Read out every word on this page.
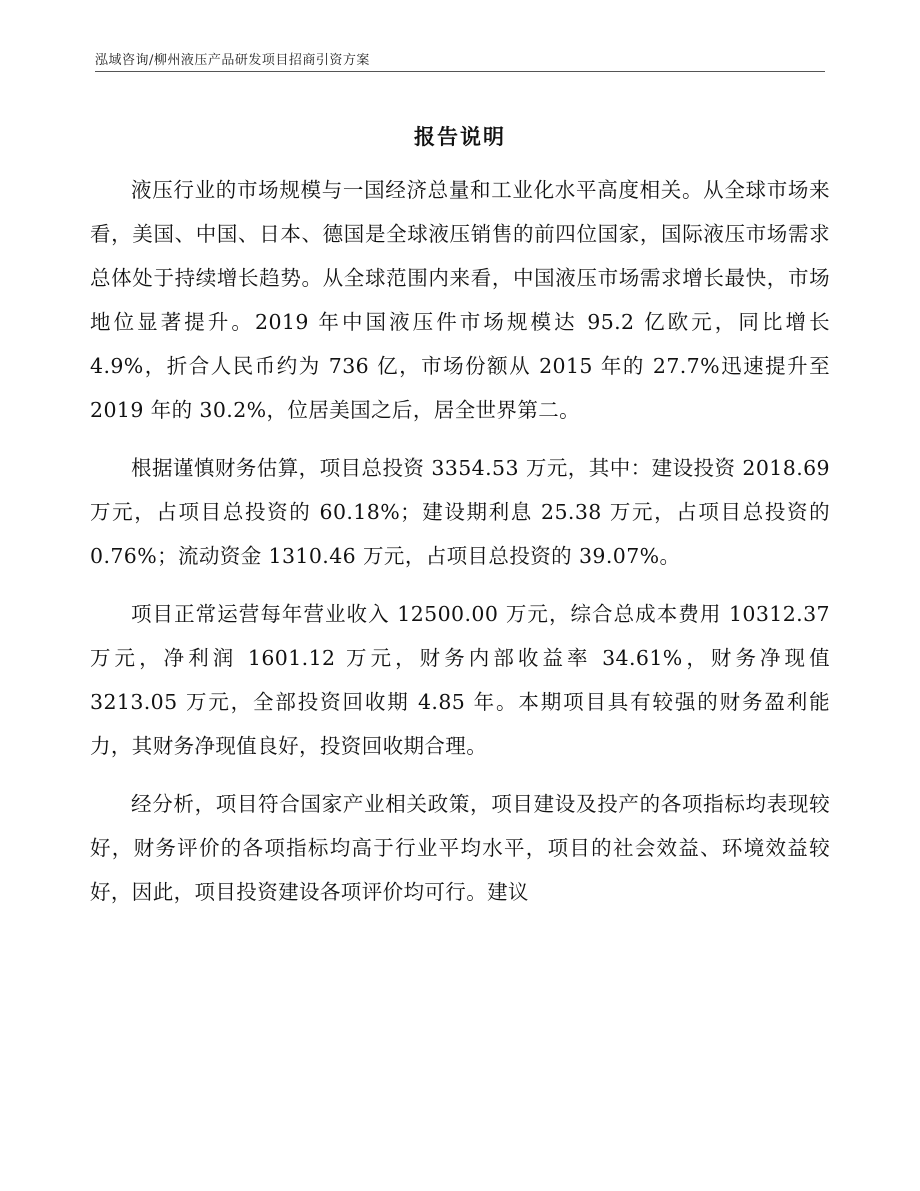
泓域咨询/柳州液压产品研发项目招商引资方案
报告说明

液压行业的市场规模与一国经济总量和工业化水平高度相关。从全球市场来看，美国、中国、日本、德国是全球液压销售的前四位国家，国际液压市场需求总体处于持续增长趋势。从全球范围内来看，中国液压市场需求增长最快，市场地位显著提升。2019 年中国液压件市场规模达 95.2 亿欧元，同比增长 4.9%，折合人民币约为 736 亿，市场份额从 2015 年的 27.7%迅速提升至 2019 年的 30.2%，位居美国之后，居全世界第二。

根据谨慎财务估算，项目总投资 3354.53 万元，其中：建设投资 2018.69 万元，占项目总投资的 60.18%；建设期利息 25.38 万元，占项目总投资的 0.76%；流动资金 1310.46 万元，占项目总投资的 39.07%。

项目正常运营每年营业收入 12500.00 万元，综合总成本费用 10312.37 万元，净利润 1601.12 万元，财务内部收益率 34.61%，财务净现值 3213.05 万元，全部投资回收期 4.85 年。本期项目具有较强的财务盈利能力，其财务净现值良好，投资回收期合理。

经分析，项目符合国家产业相关政策，项目建设及投产的各项指标均表现较好，财务评价的各项指标均高于行业平均水平，项目的社会效益、环境效益较好，因此，项目投资建设各项评价均可行。建议
